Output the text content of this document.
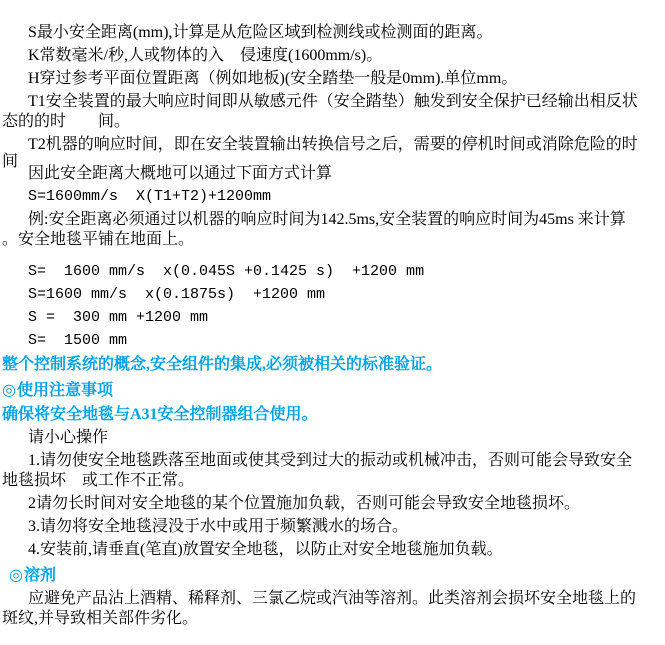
S最小安全距离(mm),计算是从危险区域到检测线或检测面的距离。
K常数毫米/秒,人或物体的入　侵速度(1600mm/s)。
H穿过参考平面位置距离（例如地板)(安全踏垫一般是0mm).单位mm。
T1安全装置的最大响应时间即从敏感元件（安全踏垫）触发到安全保护已经输出相反状
态的的时　　间。
T2机器的响应时间，即在安全装置输出转换信号之后，需要的停机时间或消除危险的时
间
因此安全距离大概地可以通过下面方式计算
S=1600mm/s  X(T1+T2)+1200mm
例:安全距离必须通过以机器的响应时间为142.5ms,安全装置的响应时间为45ms 来计算
。安全地毯平铺在地面上。
S=  1600 mm/s  x(0.045S +0.1425 s)  +1200 mm
S=1600 mm/s  x(0.1875s)  +1200 mm
S =  300 mm +1200 mm
S=  1500 mm
整个控制系统的概念,安全组件的集成,必须被相关的标准验证。
◎使用注意事项
确保将安全地毯与A31安全控制器组合使用。
请小心操作
1.请勿使安全地毯跌落至地面或使其受到过大的振动或机械冲击，否则可能会导致安全
地毯损坏　或工作不正常。
2请勿长时间对安全地毯的某个位置施加负载，否则可能会导致安全地毯损坏。
3.请勿将安全地毯浸没于水中或用于频繁溅水的场合。
4.安装前,请垂直(笔直)放置安全地毯，以防止对安全地毯施加负载。
◎溶剂
应避免产品沾上酒精、稀释剂、三氯乙烷或汽油等溶剂。此类溶剂会损坏安全地毯上的
斑纹,并导致相关部件劣化。
